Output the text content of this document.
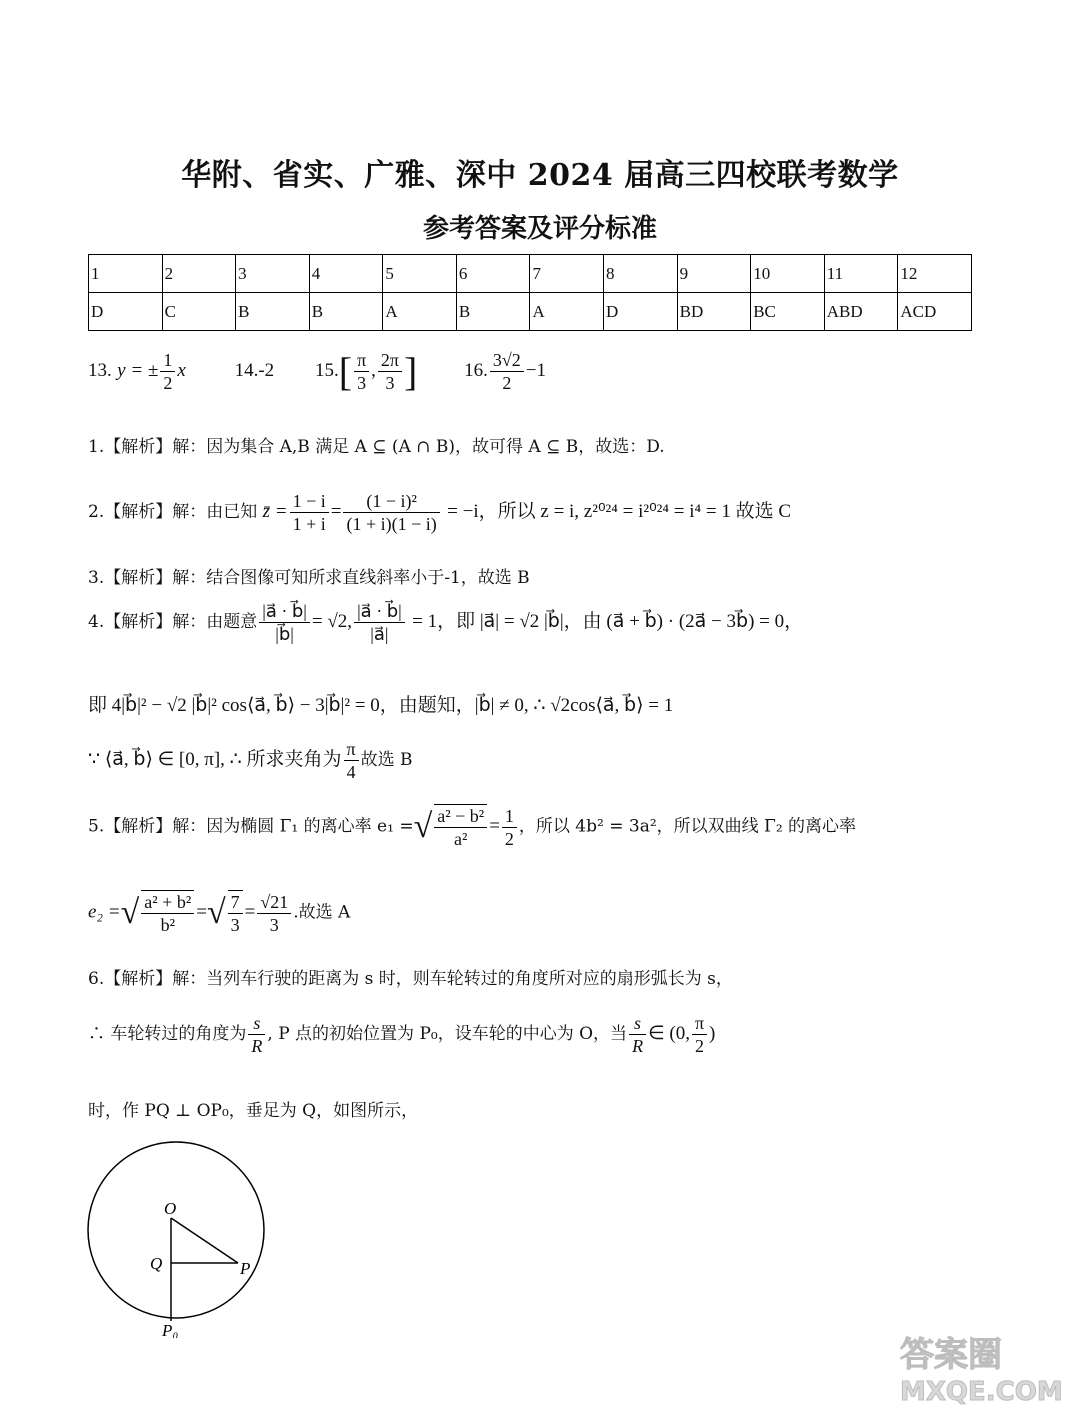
华附、省实、广雅、深中 2024 届高三四校联考数学
参考答案及评分标准
1	2	3	4	5	6	7	8	9	10	11	12
D	C	B	B	A	B	A	D	BD	BC	ABD	ACD
13. y = ± $\frac{1}{2}$ x	14.-2 $15.[ \frac{\pi}{3}$ , $\frac{2\pi}{3}$ ] 16. $\frac{3√2}{2} -1$
1.【解析】解：因为集合 A,B 满足 A ⊆ (A ∩ B)，故可得 A ⊆ B，故选：D.
2.【解析】解：由已知 z̄ = $\frac{1 - i}{1 + i} = \frac{\text{(1 − i)²}}{(1 + i)(1 - i)} = -i$，所以 z = i, z²⁰²⁴ = i²⁰²⁴ = i⁴ = 1 故选 C
3.【解析】解：结合图像可知所求直线斜率小于-1，故选 B
4.【解析】解：由题意 $\frac{|a⃗ \cdot b⃗|}{|b⃗|} = √2$, $\frac{|a⃗ \cdot b⃗|}{|a⃗|} = 1$，即 |a⃗| = √2 |b⃗|，由 (a⃗ + b⃗) · (2a⃗ − 3b⃗) = 0，
即 4|b⃗|² − √2 |b⃗|² cos⟨a⃗, b⃗⟩ − 3|b⃗|² = 0，由题知，|b⃗| ≠ 0, ∴ √2cos⟨a⃗, b⃗⟩ = 1
∵ ⟨a⃗, b⃗⟩ ∈ [0, π], ∴ 所求夹角为 $\frac{\pi}{4}$ 故选 B
5.【解析】解：因为椭圆 Γ₁ 的离心率 e₁ =√ $\frac{\text{a² − b²}}{\text{a²}} = \frac{1}{2}$ ，所以 4b² = 3a²，所以双曲线 Γ₂ 的离心率
e₂ =√ $\frac{\text{a² + b²}}{\text{b²}}$ =√ $\frac{7}{3} = \frac{√21}{3}$ .故选 A
6.【解析】解：当列车行驶的距离为 s 时，则车轮转过的角度所对应的扇形弧长为 s，
∴ 车轮转过的角度为 $\frac{s}{R}$ , P 点的初始位置为 P₀，设车轮的中心为 O，当 $\frac{s}{R}$ ∈ (0, $\frac{\pi}{2}$ )
时，作 PQ ⊥ OP₀，垂足为 Q，如图所示，
O
Q	P
P₀
答案圈
MXQE.COM
